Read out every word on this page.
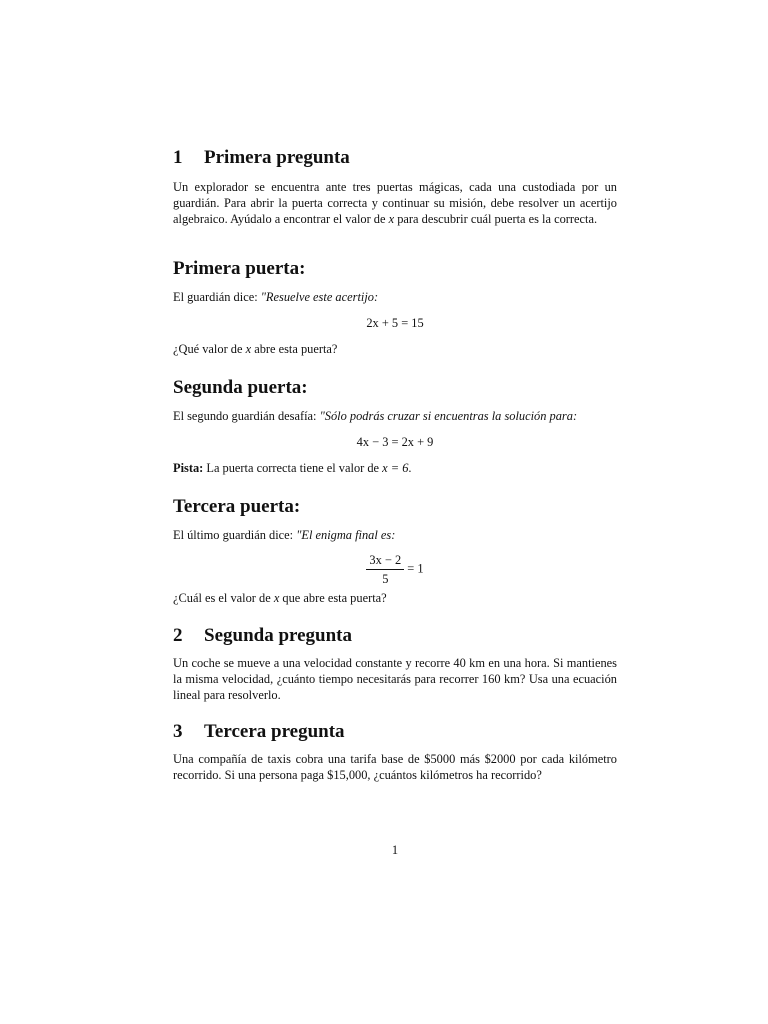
1 Primera pregunta

Un explorador se encuentra ante tres puertas mágicas, cada una custodiada por un guardián. Para abrir la puerta correcta y continuar su misión, debe resolver un acertijo algebraico. Ayúdalo a encontrar el valor de x para descubrir cuál puerta es la correcta.

Primera puerta:

El guardián dice: "Resuelve este acertijo:

2x + 5 = 15

¿Qué valor de x abre esta puerta?

Segunda puerta:

El segundo guardián desafía: "Sólo podrás cruzar si encuentras la solución para:

4x − 3 = 2x + 9

Pista: La puerta correcta tiene el valor de x = 6.

Tercera puerta:

El último guardián dice: "El enigma final es:

$\frac{3x - 2}{5} = 1$

¿Cuál es el valor de x que abre esta puerta?

2 Segunda pregunta

Un coche se mueve a una velocidad constante y recorre 40 km en una hora. Si mantienes la misma velocidad, ¿cuánto tiempo necesitarás para recorrer 160 km? Usa una ecuación lineal para resolverlo.

3 Tercera pregunta

Una compañía de taxis cobra una tarifa base de $5000 más $2000 por cada kilómetro recorrido. Si una persona paga $15,000, ¿cuántos kilómetros ha recorrido?

1
